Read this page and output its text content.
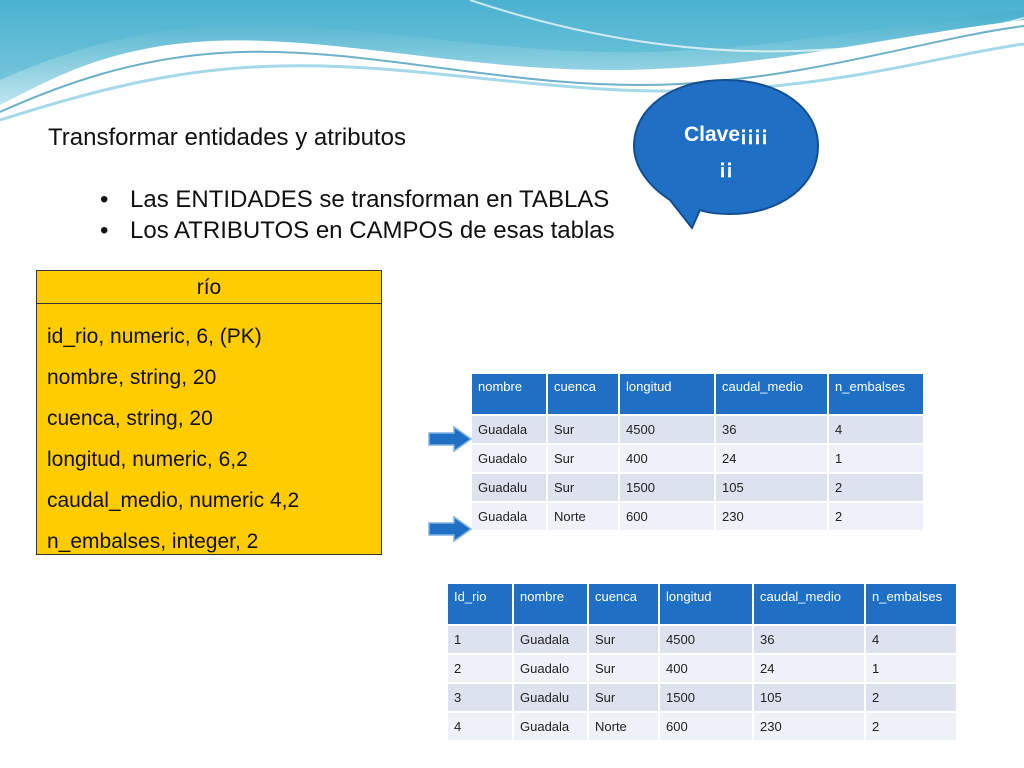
Transformar entidades y atributos
• Las ENTIDADES se transforman en TABLAS
• Los ATRIBUTOS en CAMPOS de esas tablas
Clave¡¡¡¡
¡¡
río
id_rio, numeric, 6, (PK)
nombre, string, 20
cuenca, string, 20
longitud, numeric, 6,2
caudal_medio, numeric 4,2
n_embalses, integer, 2
nombre	cuenca	longitud	caudal_medio	n_embalses
Guadala	Sur	4500	36	4
Guadalo	Sur	400	24	1
Guadalu	Sur	1500	105	2
Guadala	Norte	600	230	2
Id_rio	nombre	cuenca	longitud	caudal_medio	n_embalses
1	Guadala	Sur	4500	36	4
2	Guadalo	Sur	400	24	1
3	Guadalu	Sur	1500	105	2
4	Guadala	Norte	600	230	2
